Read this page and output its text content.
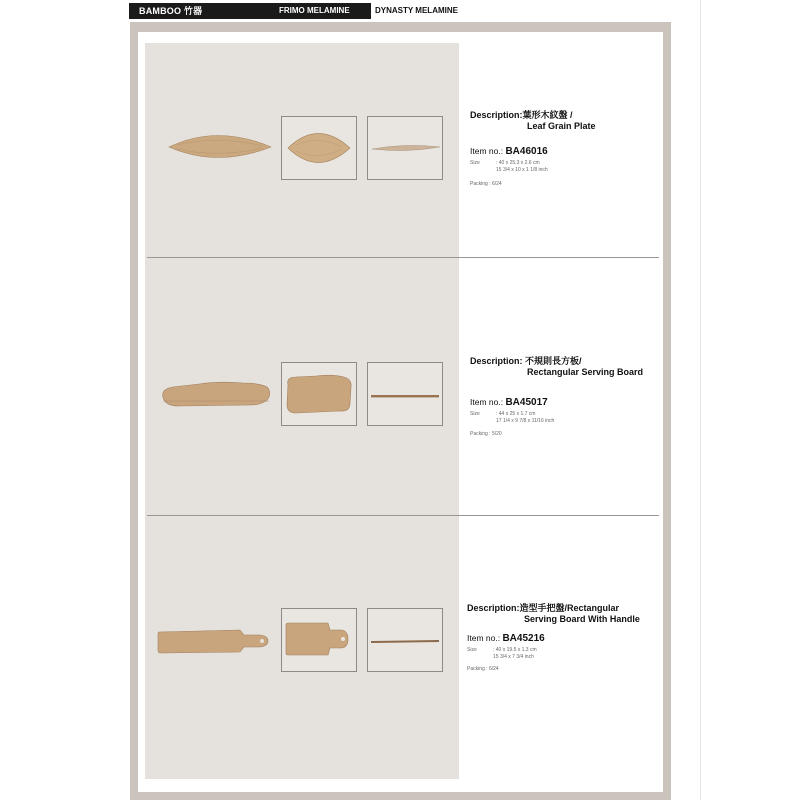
BAMBOO 竹器	FRIMO MELAMINE	DYNASTY MELAMINE
Description:葉形木紋盤 /
Leaf Grain Plate
Item no.: BA46016
Size	: 40 x 25.3 x 2.6 cm
15 3/4 x 10 x 1 1/8 inch
Packing : 6/24
Description: 不規則長方板/
Rectangular Serving Board
Item no.: BA45017
Size	: 44 x 25 x 1.7 cm
17 1/4 x 9 7/8 x 11/16 inch
Packing : 5/20
Description:造型手把盤/Rectangular
Serving Board With Handle
Item no.: BA45216
Size	: 40 x 19.5 x 1.3 cm
15 3/4 x 7 3/4 inch
Packing : 6/24
